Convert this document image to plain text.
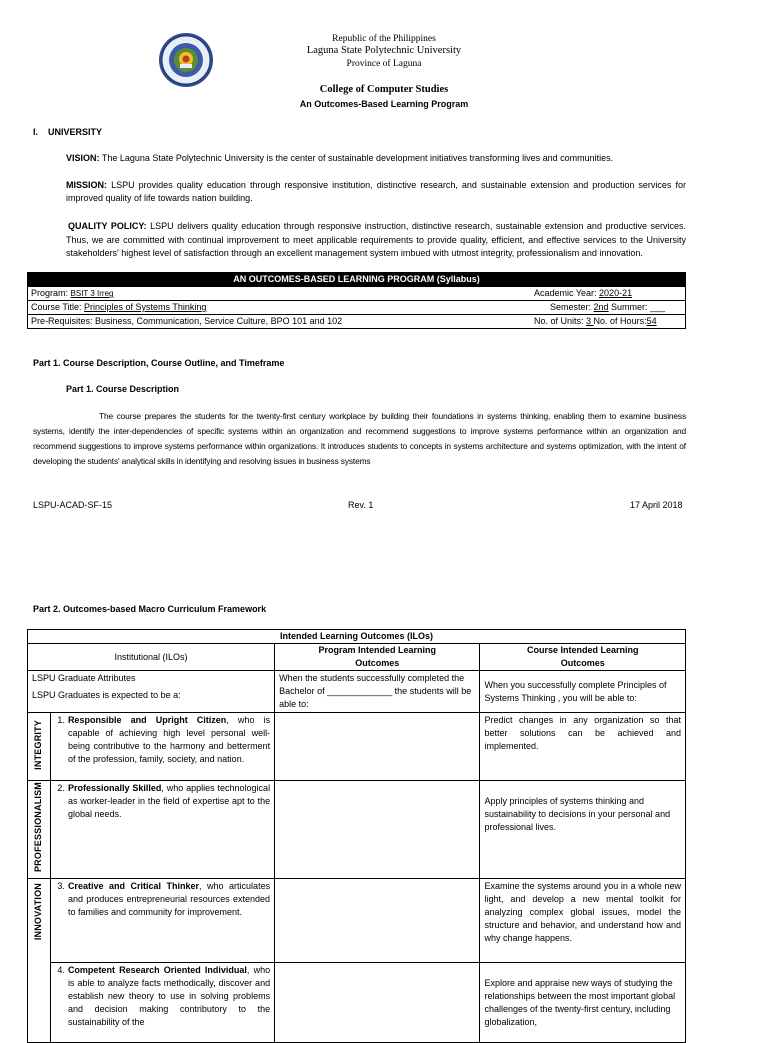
Republic of the Philippines
Laguna State Polytechnic University
Province of Laguna
College of Computer Studies
An Outcomes-Based Learning Program
I.    UNIVERSITY
VISION: The Laguna State Polytechnic University is the center of sustainable development initiatives transforming lives and communities.
MISSION: LSPU provides quality education through responsive institution, distinctive research, and sustainable extension and production services for improved quality of life towards nation building.
QUALITY POLICY: LSPU delivers quality education through responsive instruction, distinctive research, sustainable extension and productive services. Thus, we are committed with continual improvement to meet applicable requirements to provide quality, efficient, and effective services to the University stakeholders' highest level of satisfaction through an excellent management system imbued with utmost integrity, professionalism and innovation.
AN OUTCOMES-BASED LEARNING PROGRAM (Syllabus)
Program: BSIT 3 Irreg	Academic Year: 2020-21
Course Title: Principles of Systems Thinking	Semester: 2nd Summer: ___
Pre-Requisites: Business, Communication, Service Culture, BPO 101 and 102	No. of Units: 3 No. of Hours:54
Part 1. Course Description, Course Outline, and Timeframe
Part 1. Course Description
The course prepares the students for the twenty-first century workplace by building their foundations in systems thinking, enabling them to examine business systems, identify the inter-dependencies of specific systems within an organization and recommend suggestions to improve systems performance within an organization and recommend suggestions to improve systems performance within organizations. It introduces students to concepts in systems architecture and systems optimization, with the intent of developing the students' analytical skills in identifying and resolving issues in business systems
LSPU-ACAD-SF-15	Rev. 1	17 April 2018
Part 2. Outcomes-based Macro Curriculum Framework
Intended Learning Outcomes (ILOs)			
Institutional (ILOs)		Program Intended Learning Outcomes	Course Intended Learning Outcomes

LSPU Graduate Attributes
LSPU Graduates is expected to be a:		When the students successfully completed the Bachelor of _____________ the students will be able to:	When you successfully complete Principles of Systems Thinking , you will be able to:
INTEGRITY	1. Responsible and Upright Citizen, who is capable of achieving high level personal well-being contributive to the harmony and betterment of the profession, family, society, and nation.		Predict changes in any organization so that better solutions can be achieved and implemented.
PROFESSIONALISM	2. Professionally Skilled, who applies technological as worker-leader in the field of expertise apt to the global needs.		Apply principles of systems thinking and sustainability to decisions in your personal and professional lives.
INNOVATION	3. Creative and Critical Thinker, who articulates and produces entrepreneurial resources extended to families and community for improvement.		Examine the systems around you in a whole new light, and develop a new mental toolkit for analyzing complex global issues, model the structure and behavior, and understand how and why change happens.

	4. Competent Research Oriented Individual, who is able to analyze facts methodically, discover and establish new theory to use in solving problems and decision making contributory to the sustainability of the		Explore and appraise new ways of studying the relationships between the most important global challenges of the twenty-first century, including globalization,
